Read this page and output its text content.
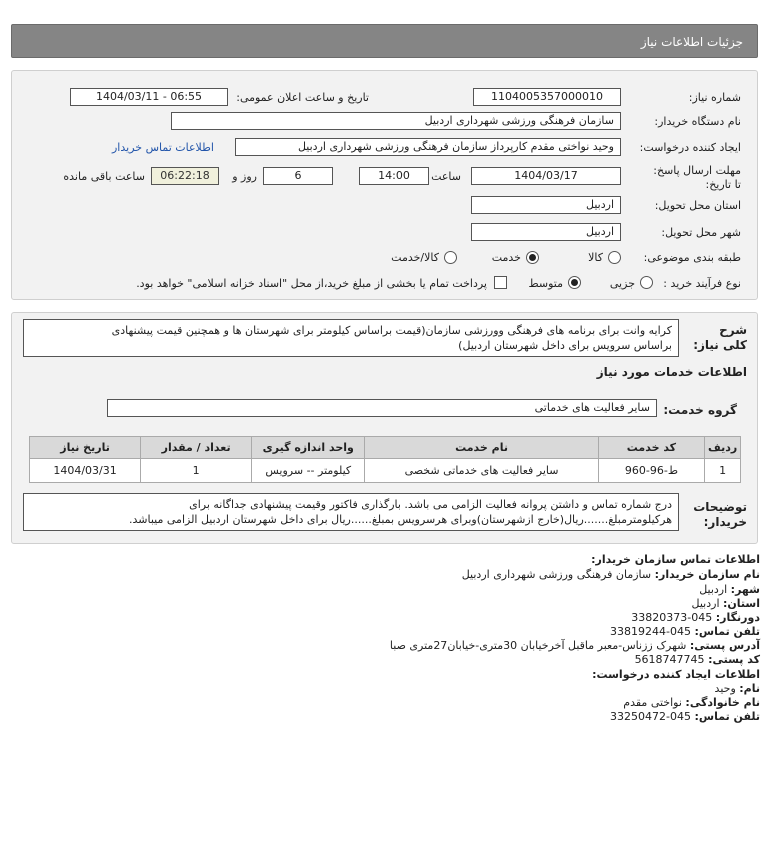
جزئیات اطلاعات نیاز
شماره نیاز:
1104005357000010
تاریخ و ساعت اعلان عمومی:
1404/03/11 - 06:55
نام دستگاه خریدار:
سازمان فرهنگی ورزشی شهرداری اردبیل
ایجاد کننده درخواست:
وحید نواختی مقدم کارپرداز سازمان فرهنگی ورزشی شهرداری اردبیل
اطلاعات تماس خریدار
مهلت ارسال پاسخ: تا تاریخ:
1404/03/17
ساعت
14:00
6
روز و
06:22:18
ساعت باقی مانده
استان محل تحویل:
اردبیل
شهر محل تحویل:
اردبیل
طبقه بندی موضوعی:
کالا
خدمت
کالا/خدمت
نوع فرآیند خرید :
جزیی
متوسط
پرداخت تمام یا بخشی از مبلغ خرید،از محل "اسناد خزانه اسلامی" خواهد بود.
شرح کلی نیاز:
کرایه وانت برای برنامه های فرهنگی وورزشی سازمان(قیمت براساس کیلومتر برای شهرستان ها و همچنین قیمت پیشنهادی
براساس سرویس برای داخل شهرستان اردبیل)
اطلاعات خدمات مورد نیاز
گروه خدمت:
سایر فعالیت های خدماتی
توضیحات خریدار:
درج شماره تماس و داشتن پروانه فعالیت الزامی می باشد. بارگذاری فاکتور وقیمت پیشنهادی جداگانه برای
هرکیلومترمبلغ.......ریال(خارج ازشهرستان)وبرای هرسرویس بمبلغ......ریال برای داخل شهرستان اردبیل الزامی میباشد.
ردیف	کد خدمت	نام خدمت	واحد اندازه گیری	تعداد / مقدار	تاریخ نیاز
1	ط-96-960	سایر فعالیت های خدماتی شخصی	کیلومتر -- سرویس	1	1404/03/31
اطلاعات تماس سازمان خریدار:
نام سازمان خریدار: سازمان فرهنگی ورزشی شهرداری اردبیل
شهر: اردبیل
استان: اردبیل
دورنگار: 045-33820373
تلفن تماس: 045-33819244
آدرس پستی: شهرک ززناس-معبر ماقبل آخرخیابان 30متری-خیابان27متری صبا
کد پستی: 5618747745
اطلاعات ایجاد کننده درخواست:
نام: وحید
نام خانوادگی: نواختی مقدم
تلفن تماس: 045-33250472
